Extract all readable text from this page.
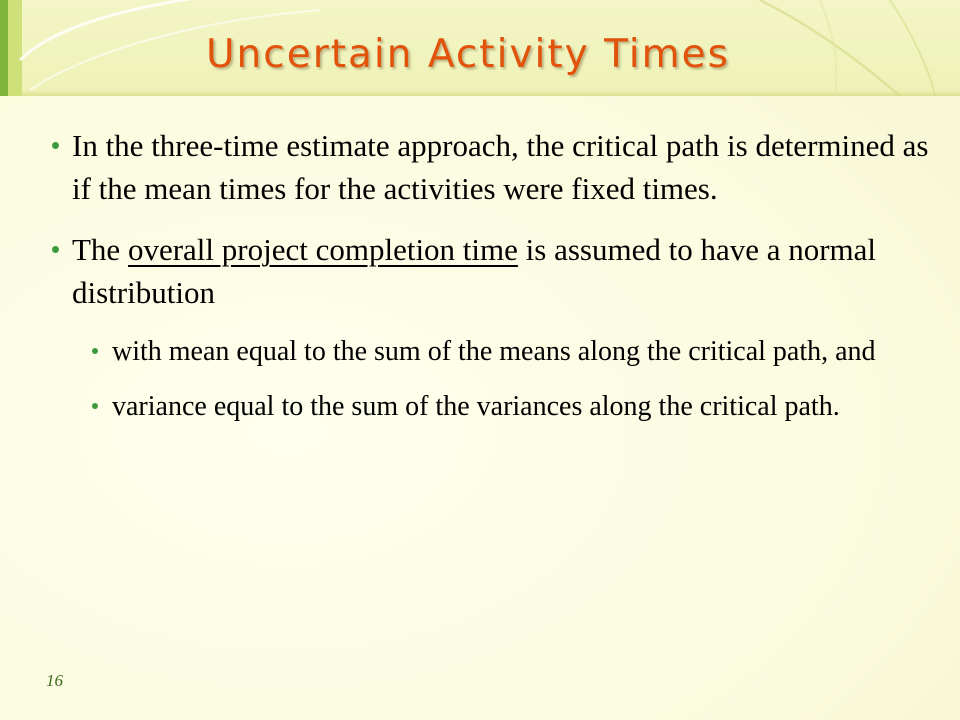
Uncertain Activity Times
In the three-time estimate approach, the critical path is determined as if the mean times for the activities were fixed times.
The overall project completion time is assumed to have a normal distribution
with mean equal to the sum of the means along the critical path, and
variance equal to the sum of the variances along the critical path.
16
